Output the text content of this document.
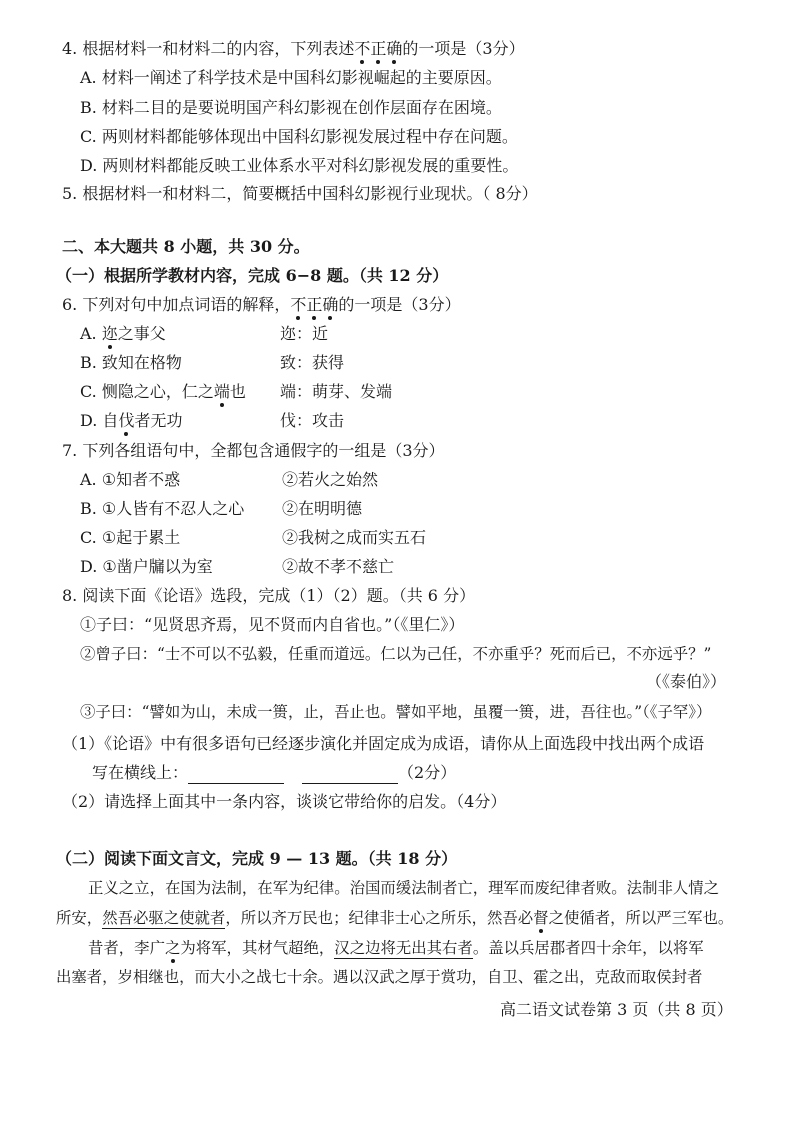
4. 根据材料一和材料二的内容，下列表述不正确的一项是（3分）
A. 材料一阐述了科学技术是中国科幻影视崛起的主要原因。
B. 材料二目的是要说明国产科幻影视在创作层面存在困境。
C. 两则材料都能够体现出中国科幻影视发展过程中存在问题。
D. 两则材料都能反映工业体系水平对科幻影视发展的重要性。
5. 根据材料一和材料二，简要概括中国科幻影视行业现状。（ 8分）
二、本大题共 8 小题，共 30 分。
（一）根据所学教材内容，完成 6−8 题。（共 12 分）
6. 下列对句中加点词语的解释，不正确的一项是（3分）
A. 迩之事父	迩：近
B. 致知在格物	致：获得
C. 恻隐之心，仁之端也 端：萌芽、发端
D. 自伐者无功	伐：攻击
7. 下列各组语句中，全都包含通假字的一组是（3分）
A. ①知者不惑	②若火之始然
B. ①人皆有不忍人之心 ②在明明德
C. ①起于累土	②我树之成而实五石
D. ①凿户牖以为室	②故不孝不慈亡
8. 阅读下面《论语》选段，完成（1）（2）题。（共 6 分）
①子曰：“见贤思齐焉，见不贤而内自省也。”（《里仁》）
②曾子曰：“士不可以不弘毅，任重而道远。仁以为己任，不亦重乎？死而后已，不亦远乎？”
（《泰伯》）
③子曰：“譬如为山，未成一篑，止，吾止也。譬如平地，虽覆一篑，进，吾往也。”（《子罕》）
（1）《论语》中有很多语句已经逐步演化并固定成为成语，请你从上面选段中找出两个成语
写在横线上：	（2分）
（2）请选择上面其中一条内容，谈谈它带给你的启发。（4分）
（二）阅读下面文言文，完成 9 — 13 题。（共 18 分）
正义之立，在国为法制，在军为纪律。治国而缓法制者亡，理军而废纪律者败。法制非人情之
所安，然吾必驱之使就者，所以齐万民也；纪律非士心之所乐，然吾必督之使循者，所以严三军也。
昔者，李广之为将军，其材气超绝，汉之边将无出其右者。盖以兵居郡者四十余年，以将军
出塞者，岁相继也，而大小之战七十余。遇以汉武之厚于赏功，自卫、霍之出，克敌而取侯封者
高二语文试卷第 3 页（共 8 页）
